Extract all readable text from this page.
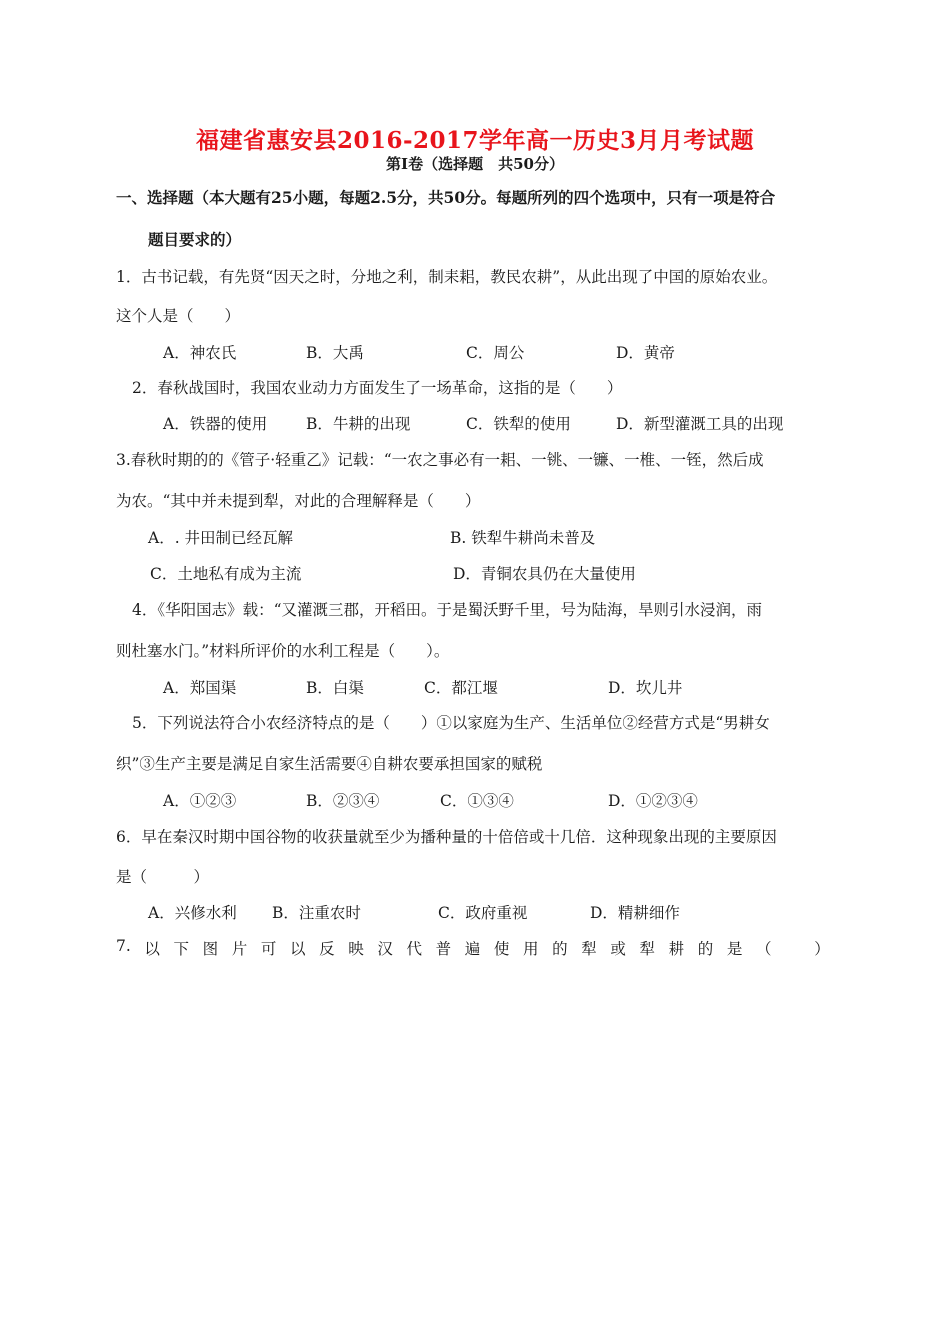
福建省惠安县2016-2017学年高一历史3月月考试题
第Ⅰ卷（选择题　共50分）
一、选择题（本大题有25小题，每题2.5分，共50分。每题所列的四个选项中，只有一项是符合
题目要求的）
1．古书记载，有先贤“因天之时，分地之利，制耒耜，教民农耕”，从此出现了中国的原始农业。
这个人是（　　）
A．神农氏	B．大禹	C．周公	D．黄帝
2．春秋战国时，我国农业动力方面发生了一场革命，这指的是（　　）
A．铁器的使用	B．牛耕的出现	C．铁犁的使用	D．新型灌溉工具的出现
3.春秋时期的的《管子·轻重乙》记载：“一农之事必有一耜、一铫、一镰、一椎、一铚，然后成
为农。“其中并未提到犁，对此的合理解释是（　　）
A．. 井田制已经瓦解	B. 铁犁牛耕尚未普及
C．土地私有成为主流	D．青铜农具仍在大量使用
4．《华阳国志》载：“又灌溉三郡，开稻田。于是蜀沃野千里，号为陆海，旱则引水浸润，雨
则杜塞水门。”材料所评价的水利工程是（　　）。
A．郑国渠	B．白渠	C．都江堰	D．坎儿井
5．下列说法符合小农经济特点的是（　　）①以家庭为生产、生活单位②经营方式是“男耕女
织”③生产主要是满足自家生活需要④自耕农要承担国家的赋税
A．①②③	B．②③④	C．①③④	D．①②③④
6．早在秦汉时期中国谷物的收获量就至少为播种量的十倍倍或十几倍．这种现象出现的主要原因
是（　　　）
A．兴修水利 B．注重农时	C．政府重视	D．精耕细作
7. 以 下 图 片 可 以 反 映 汉 代 普 遍 使 用 的 犁 或 犁 耕 的 是 （
　	）
